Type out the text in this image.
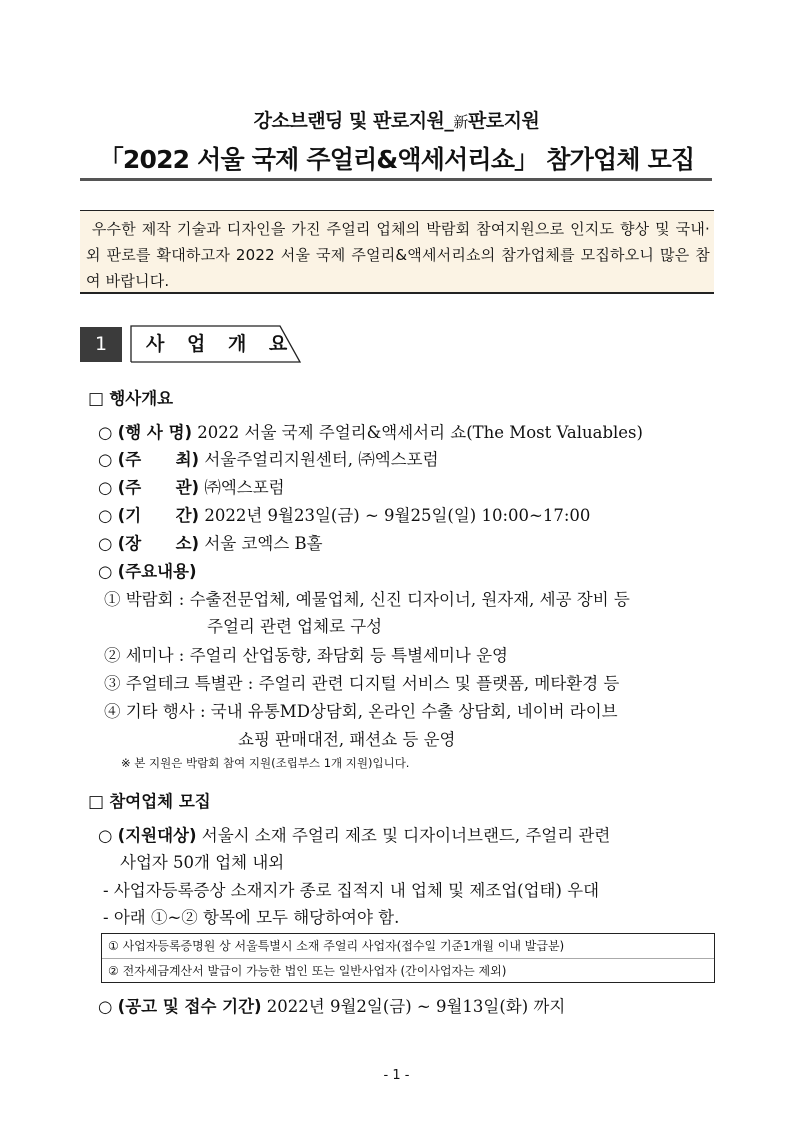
강소브랜딩 및 판로지원_新판로지원
「2022 서울 국제 주얼리&액세서리쇼」 참가업체 모집
우수한 제작 기술과 디자인을 가진 주얼리 업체의 박람회 참여지원으로 인지도 향상 및 국내·외 판로를 확대하고자 2022 서울 국제 주얼리&액세서리쇼의 참가업체를 모집하오니 많은 참여 바랍니다.
1	사 업 개 요
□ 행사개요
○ (행 사 명) 2022 서울 국제 주얼리&액세서리 쇼(The Most Valuables)
○ (주      최) 서울주얼리지원센터, ㈜엑스포럼
○ (주      관) ㈜엑스포럼
○ (기      간) 2022년 9월23일(금) ~ 9월25일(일) 10:00~17:00
○ (장      소) 서울 코엑스 B홀
○ (주요내용)
① 박람회 : 수출전문업체, 예물업체, 신진 디자이너, 원자재, 세공 장비 등
주얼리 관련 업체로 구성
② 세미나 : 주얼리 산업동향, 좌담회 등 특별세미나 운영
③ 주얼테크 특별관 : 주얼리 관련 디지털 서비스 및 플랫폼, 메타환경 등
④ 기타 행사 : 국내 유통MD상담회, 온라인 수출 상담회, 네이버 라이브
쇼핑 판매대전, 패션쇼 등 운영
※ 본 지원은 박람회 참여 지원(조립부스 1개 지원)입니다.
□ 참여업체 모집
○ (지원대상) 서울시 소재 주얼리 제조 및 디자이너브랜드, 주얼리 관련
사업자 50개 업체 내외
- 사업자등록증상 소재지가 종로 집적지 내 업체 및 제조업(업태) 우대
- 아래 ①~② 항목에 모두 해당하여야 함.
① 사업자등록증명원 상 서울특별시 소재 주얼리 사업자(접수일 기준1개월 이내 발급분)
② 전자세금계산서 발급이 가능한 법인 또는 일반사업자 (간이사업자는 제외)
○ (공고 및 접수 기간) 2022년 9월2일(금) ~ 9월13일(화) 까지
- 1 -
